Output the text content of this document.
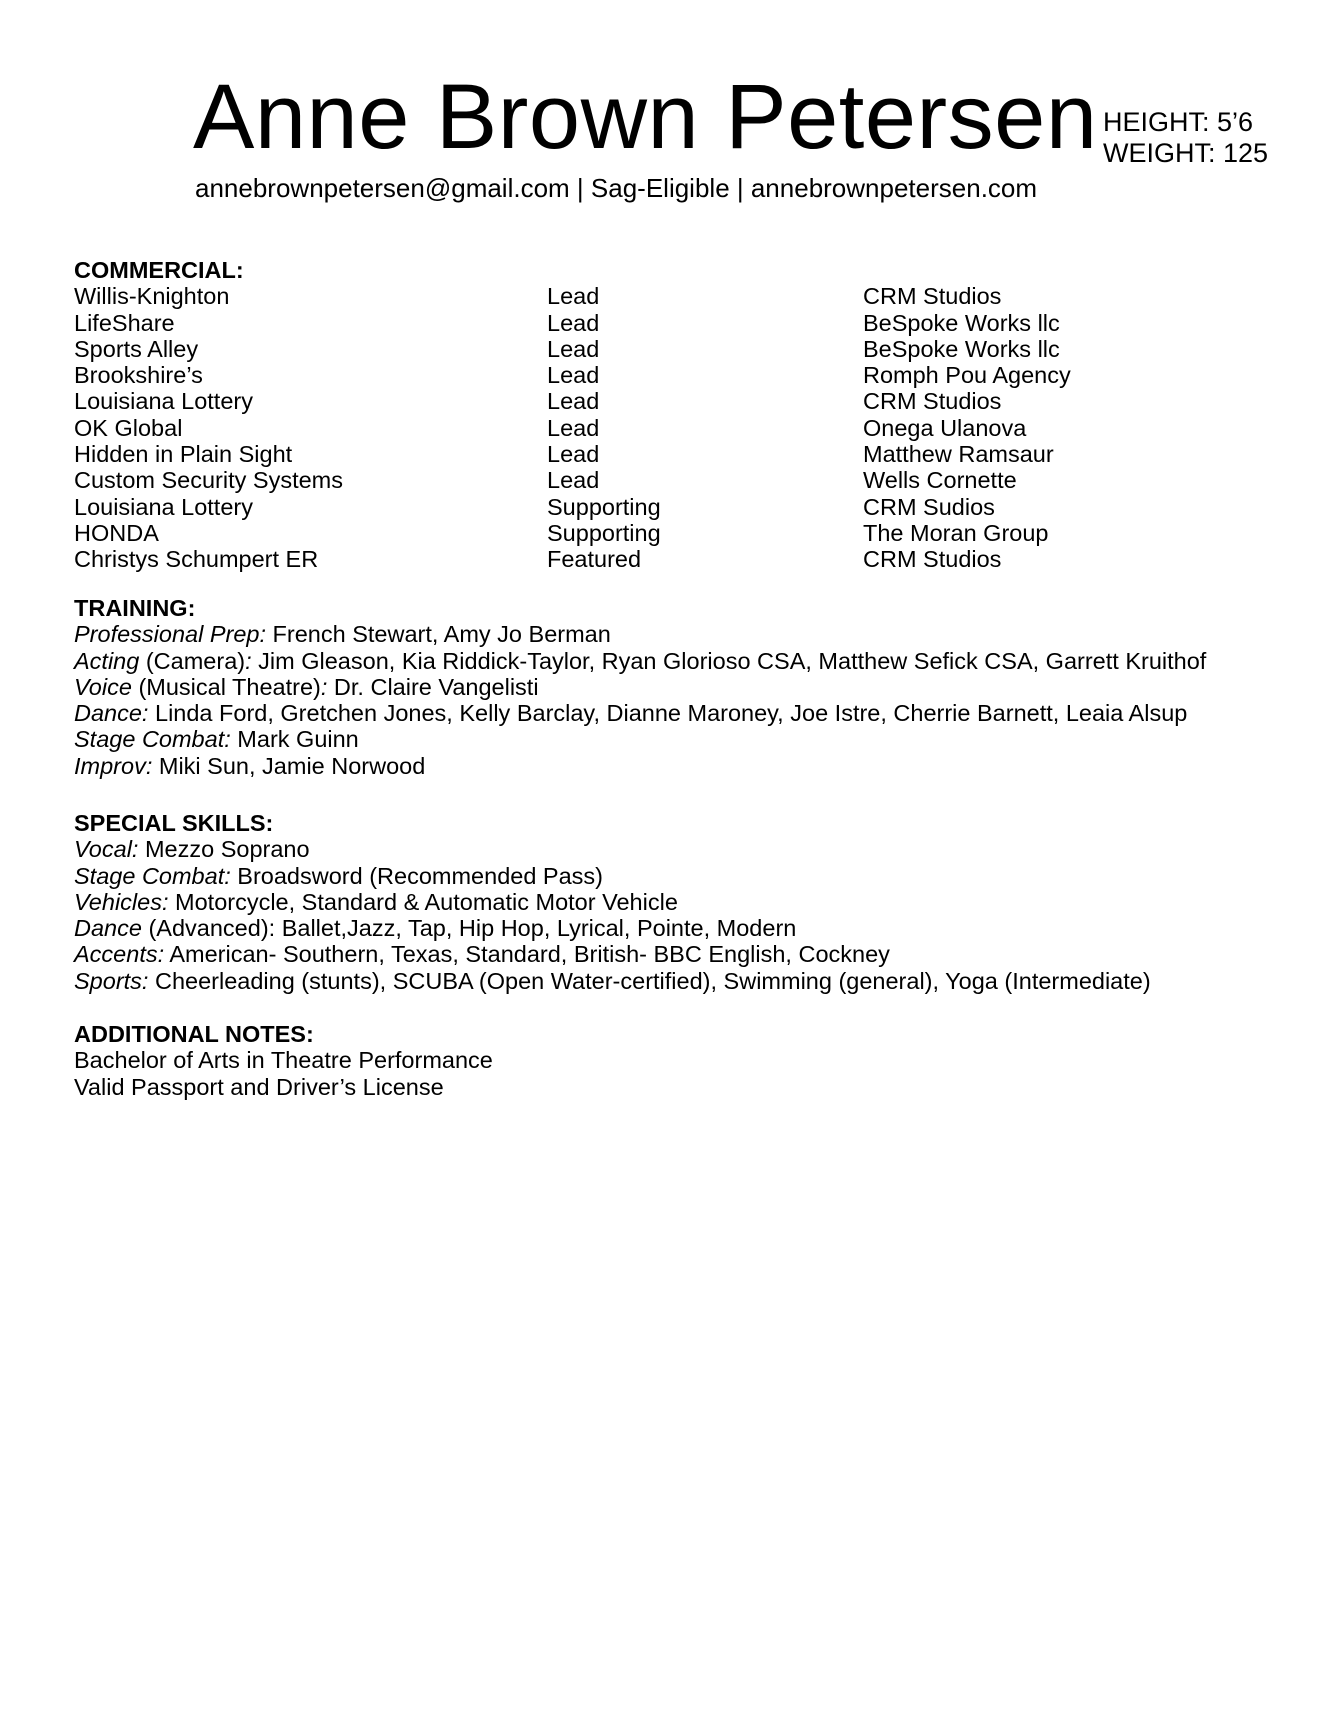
Anne Brown Petersen HEIGHT: 5’6
WEIGHT: 125
annebrownpetersen@gmail.com | Sag-Eligible | annebrownpetersen.com
COMMERCIAL:
Willis-Knighton	Lead	CRM Studios
LifeShare	Lead	BeSpoke Works llc
Sports Alley	Lead	BeSpoke Works llc
Brookshire’s	Lead	Romph Pou Agency
Louisiana Lottery	Lead	CRM Studios
OK Global	Lead	Onega Ulanova
Hidden in Plain Sight	Lead	Matthew Ramsaur
Custom Security Systems	Lead	Wells Cornette
Louisiana Lottery	Supporting	CRM Sudios
HONDA	Supporting	The Moran Group
Christys Schumpert ER	Featured	CRM Studios
TRAINING:
Professional Prep: French Stewart, Amy Jo Berman
Acting (Camera): Jim Gleason, Kia Riddick-Taylor, Ryan Glorioso CSA, Matthew Sefick CSA, Garrett Kruithof
Voice (Musical Theatre): Dr. Claire Vangelisti
Dance: Linda Ford, Gretchen Jones, Kelly Barclay, Dianne Maroney, Joe Istre, Cherrie Barnett, Leaia Alsup
Stage Combat: Mark Guinn
Improv: Miki Sun, Jamie Norwood
SPECIAL SKILLS:
Vocal: Mezzo Soprano
Stage Combat: Broadsword (Recommended Pass)
Vehicles: Motorcycle, Standard & Automatic Motor Vehicle
Dance (Advanced): Ballet,Jazz, Tap, Hip Hop, Lyrical, Pointe, Modern
Accents: American- Southern, Texas, Standard, British- BBC English, Cockney
Sports: Cheerleading (stunts), SCUBA (Open Water-certified), Swimming (general), Yoga (Intermediate)
ADDITIONAL NOTES:
Bachelor of Arts in Theatre Performance
Valid Passport and Driver’s License
